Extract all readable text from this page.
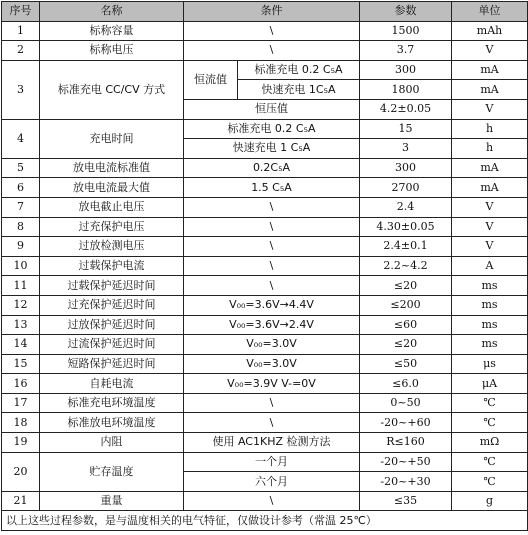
序号	名称	条件		参数	单位
1	标称容量	\		1500	mAh
2	标称电压	\		3.7	V
3	标准充电 CC/CV 方式	恒流值	标准充电 0.2 C₅A	300	mA
			快速充电 1C₅A	1800	mA
		恒压值		4.2±0.05	V
4	充电时间	标准充电 0.2 C₅A		15	h
		快速充电 1 C₅A		3	h
5	放电电流标准值	0.2C₅A		300	mA
6	放电电流最大值	1.5 C₅A		2700	mA
7	放电截止电压	\		2.4	V
8	过充保护电压	\		4.30±0.05	V
9	过放检测电压	\		2.4±0.1	V
10	过载保护电流	\		2.2~4.2	A
11	过载保护延迟时间	\		≤20	ms
12	过充保护延迟时间	V₀₀=3.6V→4.4V		≤200	ms
13	过放保护延迟时间	V₀₀=3.6V→2.4V		≤60	ms
14	过流保护延迟时间	V₀₀=3.0V		≤20	ms
15	短路保护延迟时间	V₀₀=3.0V		≤50	μs
16	自耗电流	V₀₀=3.9V V-=0V		≤6.0	μA
17	标准充电环境温度	\		0~50	℃
18	标准放电环境温度	\		-20~+60	℃
19	内阻	使用 AC1KHZ 检测方法		R≤160	mΩ
20	贮存温度	一个月		-20~+50	℃
		六个月		-20~+30	℃
21	重量	\		≤35	g
以上这些过程参数，是与温度相关的电气特征，仅做设计参考（常温 25℃）					
